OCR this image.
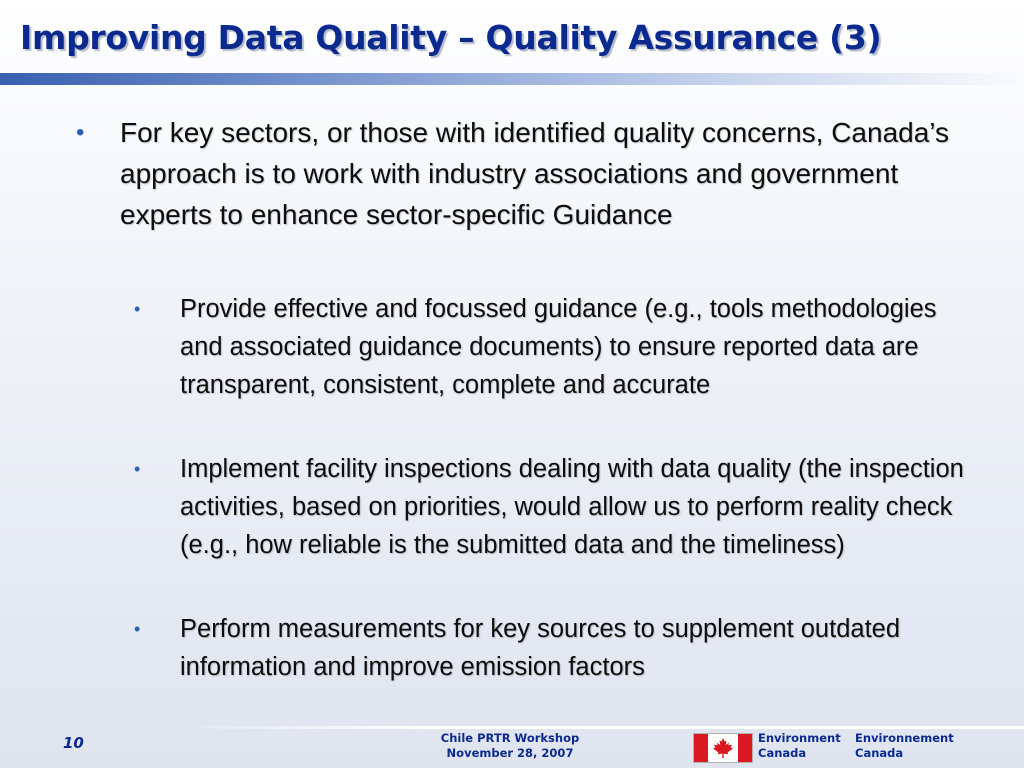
Improving Data Quality – Quality Assurance (3)
• For key sectors, or those with identified quality concerns, Canada’s approach is to work with industry associations and government experts to enhance sector-specific Guidance
• Provide effective and focussed guidance (e.g., tools methodologies and associated guidance documents) to ensure reported data are transparent, consistent, complete and accurate
• Implement facility inspections dealing with data quality (the inspection activities, based on priorities, would allow us to perform reality check (e.g., how reliable is the submitted data and the timeliness)
• Perform measurements for key sources to supplement outdated information and improve emission factors
10	Chile PRTR Workshop
November 28, 2007
Environment
Canada
Environnement
Canada
